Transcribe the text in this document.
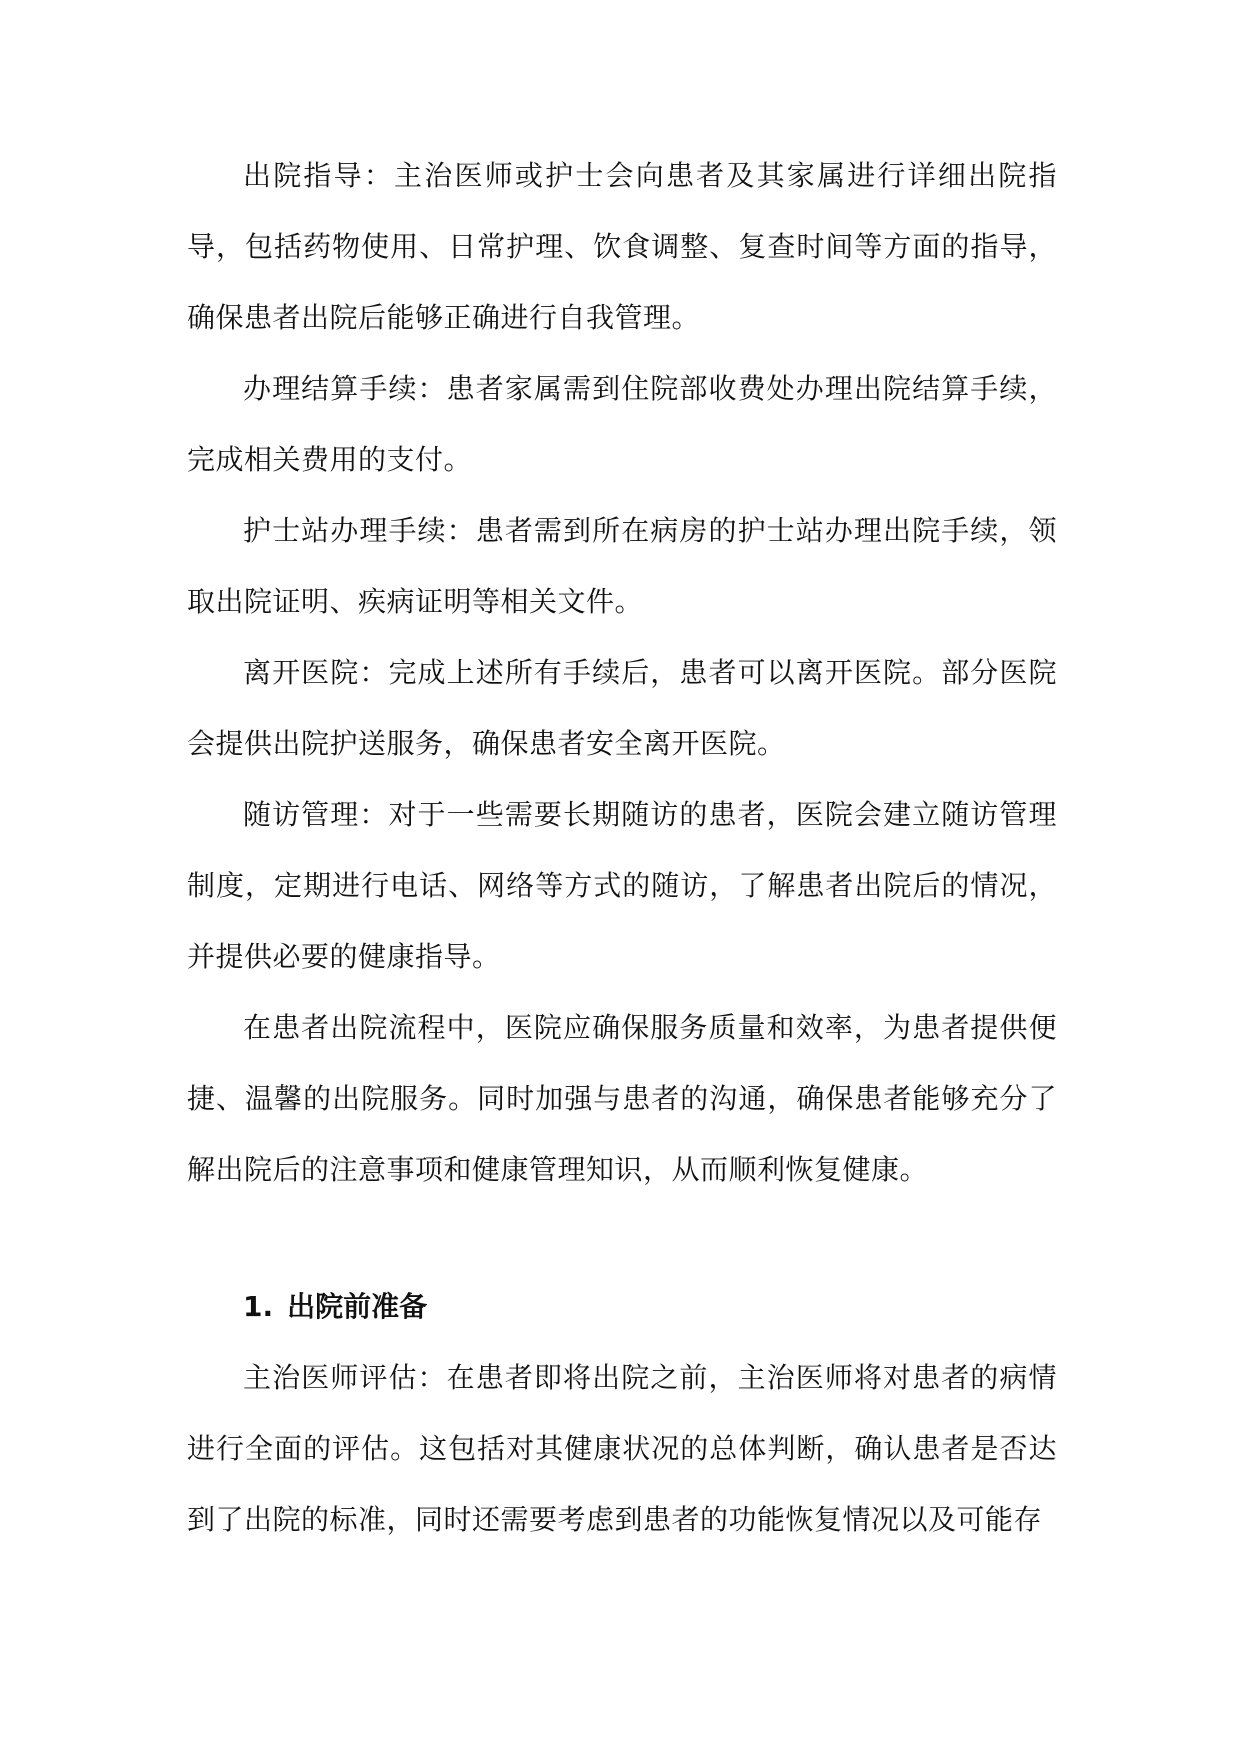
出院指导：主治医师或护士会向患者及其家属进行详细出院指导，包括药物使用、日常护理、饮食调整、复查时间等方面的指导，确保患者出院后能够正确进行自我管理。

办理结算手续：患者家属需到住院部收费处办理出院结算手续，完成相关费用的支付。

护士站办理手续：患者需到所在病房的护士站办理出院手续，领取出院证明、疾病证明等相关文件。

离开医院：完成上述所有手续后，患者可以离开医院。部分医院会提供出院护送服务，确保患者安全离开医院。

随访管理：对于一些需要长期随访的患者，医院会建立随访管理制度，定期进行电话、网络等方式的随访，了解患者出院后的情况，并提供必要的健康指导。

在患者出院流程中，医院应确保服务质量和效率，为患者提供便捷、温馨的出院服务。同时加强与患者的沟通，确保患者能够充分了解出院后的注意事项和健康管理知识，从而顺利恢复健康。

1. 出院前准备

主治医师评估：在患者即将出院之前，主治医师将对患者的病情进行全面的评估。这包括对其健康状况的总体判断，确认患者是否达到了出院的标准，同时还需要考虑到患者的功能恢复情况以及可能存
